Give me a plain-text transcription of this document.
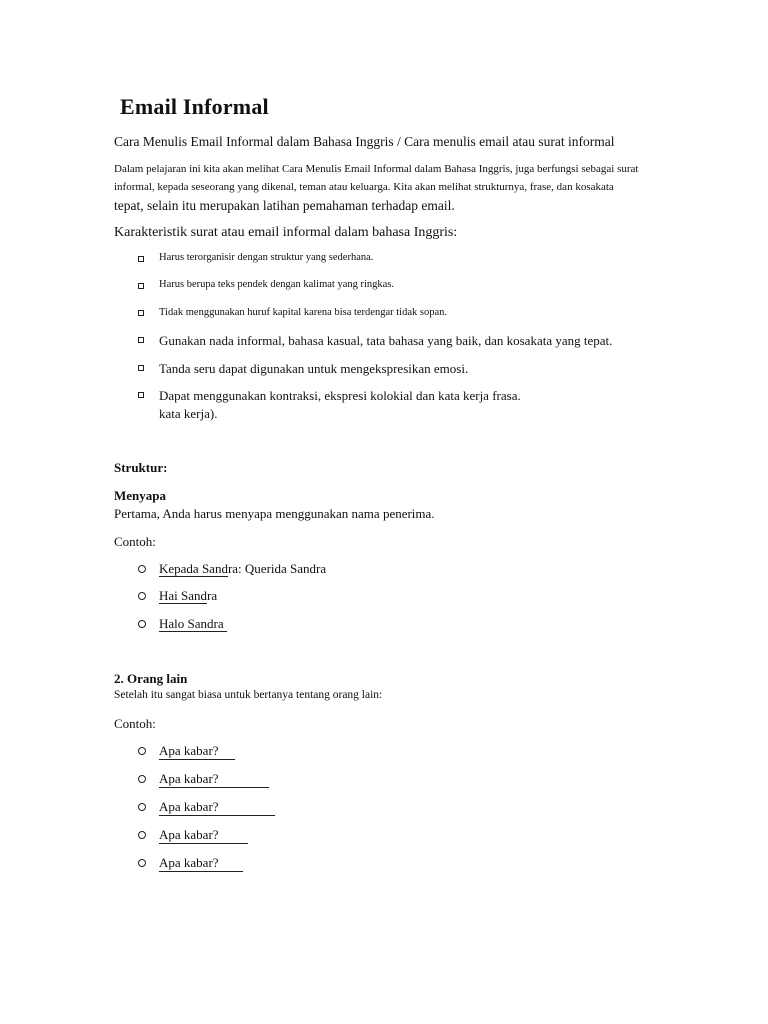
Email Informal
Cara Menulis Email Informal dalam Bahasa Inggris / Cara menulis email atau surat informal
Dalam pelajaran ini kita akan melihat Cara Menulis Email Informal dalam Bahasa Inggris, juga berfungsi sebagai surat
informal, kepada seseorang yang dikenal, teman atau keluarga. Kita akan melihat strukturnya, frase, dan kosakata
tepat, selain itu merupakan latihan pemahaman terhadap email.
Karakteristik surat atau email informal dalam bahasa Inggris:
Harus terorganisir dengan struktur yang sederhana.
Harus berupa teks pendek dengan kalimat yang ringkas.
Tidak menggunakan huruf kapital karena bisa terdengar tidak sopan.
Gunakan nada informal, bahasa kasual, tata bahasa yang baik, dan kosakata yang tepat.
Tanda seru dapat digunakan untuk mengekspresikan emosi.
Dapat menggunakan kontraksi, ekspresi kolokial dan kata kerja frasa.
kata kerja).
Struktur:
Menyapa
Pertama, Anda harus menyapa menggunakan nama penerima.
Contoh:
Kepada Sandra: Querida Sandra
Hai Sandra
Halo Sandra
2. Orang lain
Setelah itu sangat biasa untuk bertanya tentang orang lain:
Contoh:
Apa kabar?
Apa kabar?
Apa kabar?
Apa kabar?
Apa kabar?
